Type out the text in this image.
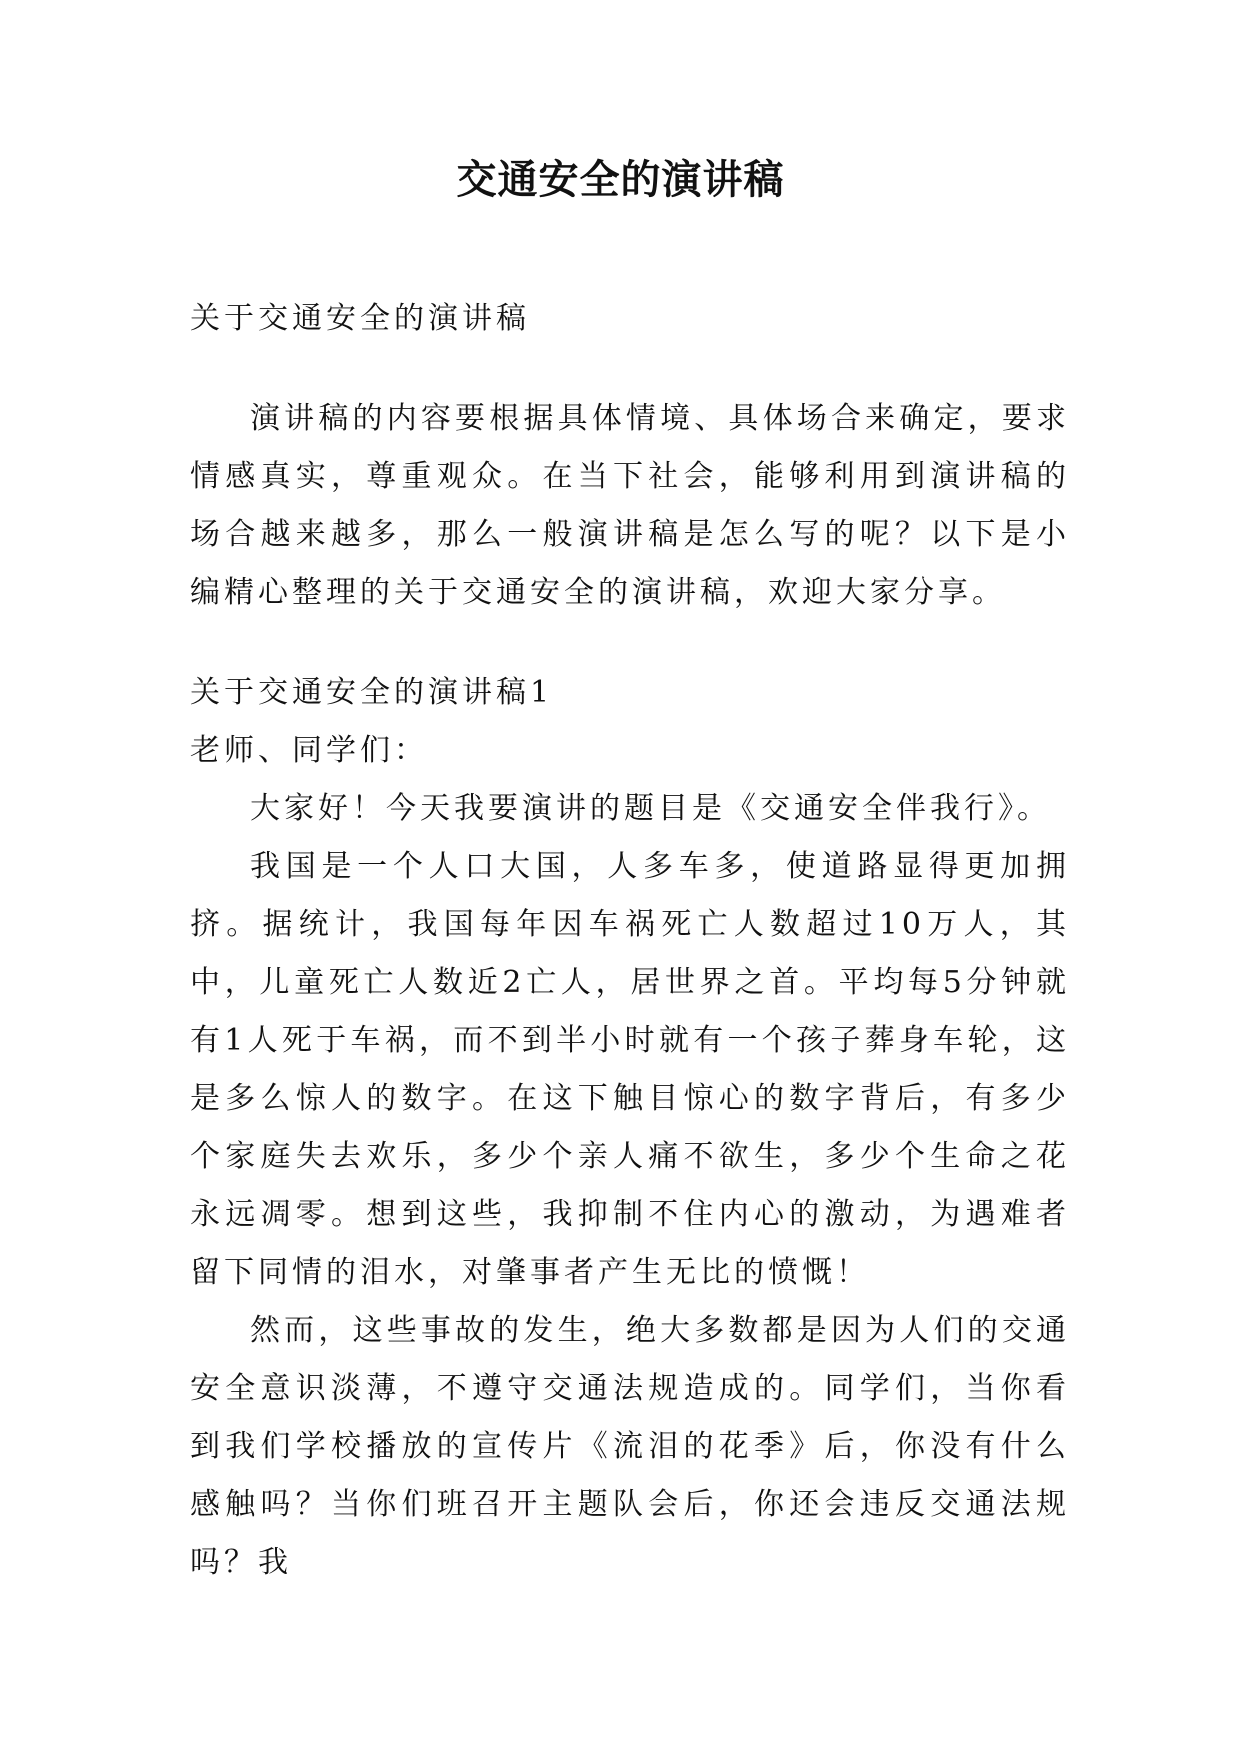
交通安全的演讲稿

关于交通安全的演讲稿

演讲稿的内容要根据具体情境、具体场合来确定，要求情感真实，尊重观众。在当下社会，能够利用到演讲稿的场合越来越多，那么一般演讲稿是怎么写的呢？以下是小编精心整理的关于交通安全的演讲稿，欢迎大家分享。

关于交通安全的演讲稿1

老师、同学们：

大家好！今天我要演讲的题目是《交通安全伴我行》。

我国是一个人口大国，人多车多，使道路显得更加拥挤。据统计，我国每年因车祸死亡人数超过10万人，其中，儿童死亡人数近2亡人，居世界之首。平均每5分钟就有1人死于车祸，而不到半小时就有一个孩子葬身车轮，这是多么惊人的数字。在这下触目惊心的数字背后，有多少个家庭失去欢乐，多少个亲人痛不欲生，多少个生命之花永远凋零。想到这些，我抑制不住内心的激动，为遇难者留下同情的泪水，对肇事者产生无比的愤慨！

然而，这些事故的发生，绝大多数都是因为人们的交通安全意识淡薄，不遵守交通法规造成的。同学们，当你看到我们学校播放的宣传片《流泪的花季》后，你没有什么感触吗？当你们班召开主题队会后，你还会违反交通法规吗？我
